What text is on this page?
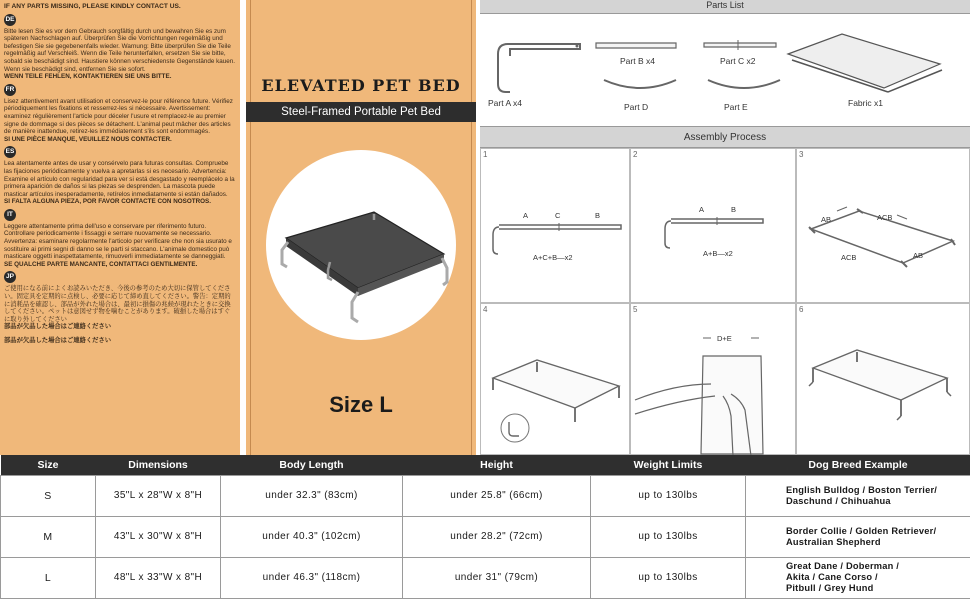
IF ANY PARTS MISSING, PLEASE KINDLY CONTACT US.

DE

Bitte lesen Sie es vor dem Gebrauch sorgfältig durch und bewahren Sie es zum späteren Nachschlagen auf. Überprüfen Sie die Vorrichtungen regelmäßig und befestigen Sie sie gegebenenfalls wieder. Warnung: Bitte überprüfen Sie die Teile regelmäßig auf Verschleiß. Wenn die Teile herunterfallen, ersetzen Sie sie bitte, sobald sie beschädigt sind. Haustiere können verschiedenste Gegenstände kauen. Wenn sie beschädigt sind, entfernen Sie sie sofort.

WENN TEILE FEHLEN, KONTAKTIEREN SIE UNS BITTE.

FR

Lisez attentivement avant utilisation et conservez-le pour référence future. Vérifiez périodiquement les fixations et resserrez-les si nécessaire. Avertissement: examinez régulièrement l'article pour déceler l'usure et remplacez-le au premier signe de dommage si des pièces se détachent. L'animal peut mâcher des articles de manière inattendue, retirez-les immédiatement s'ils sont endommagés.

SI UNE PIÈCE MANQUE, VEUILLEZ NOUS CONTACTER.

ES

Lea atentamente antes de usar y consérvelo para futuras consultas. Compruebe las fijaciones periódicamente y vuelva a apretarlas si es necesario. Advertencia: Examine el artículo con regularidad para ver si está desgastado y reemplácelo a la primera aparición de daños si las piezas se desprenden. La mascota puede masticar artículos inesperadamente, retírelos inmediatamente si están dañados.

SI FALTA ALGUNA PIEZA, POR FAVOR CONTACTE CON NOSOTROS.

IT

Leggere attentamente prima dell'uso e conservare per riferimento futuro. Controllare periodicamente i fissaggi e serrare nuovamente se necessario. Avvertenza: esaminare regolarmente l'articolo per verificare che non sia usurato e sostituire ai primi segni di danno se le parti si staccano. L'animale domestico può masticare oggetti inaspettatamente, rimuoverli immediatamente se danneggiati.

SE QUALCHE PARTE MANCANTE, CONTATTACI GENTILMENTE.

JP

ご使用になる前によくお読みいただき、今後の参考のため大切に保管してください。固定具を定期的に点検し、必要に応じて締め直してください。警告：定期的に消耗品を確認し、部品が外れた場合は、最初に損傷の兆候が現れたときに交換してください。ペットは意図せず物を噛むことがあります。破損した場合はすぐに取り外してください

部品が欠品した場合はご連絡ください

部品が欠品した場合はご連絡ください

ELEVATED PET BED
Steel-Framed Portable Pet Bed
Size L
Parts List
Part A x4
Part B x4	Part C x2
Fabric x1
Part D	Part E
Assembly Process
1
A	C	B
A+C+B—x2
2
A	B
A+B—x2
3
AB	ACB
ACB	AB
4	5
D+E
6
Size	Dimensions	Body Length	Height	Weight Limits	Dog Breed Example
S	35"L x 28"W x 8"H	under 32.3" (83cm)	under 25.8" (66cm)	up to 130lbs	English Bulldog / Boston Terrier/
Daschund / Chihuahua

M	43"L x 30"W x 8"H	under 40.3" (102cm)	under 28.2" (72cm)	up to 130lbs	Border Collie / Golden Retriever/
Australian Shepherd

L	48"L x 33"W x 8"H	under 46.3" (118cm)	under 31" (79cm)	up to 130lbs	Great Dane / Doberman /
Akita / Cane Corso /
Pitbull / Grey Hund
